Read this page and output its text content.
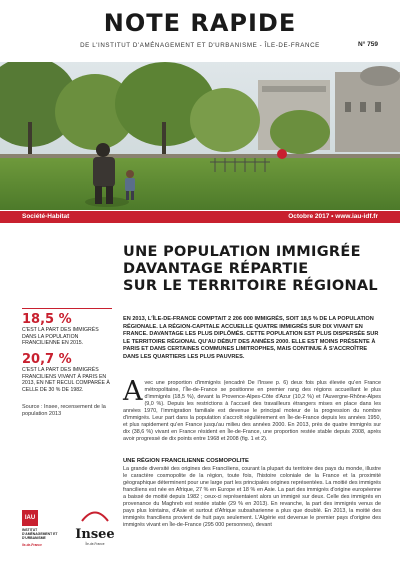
NOTE RAPIDE
DE L'INSTITUT D'AMÉNAGEMENT ET D'URBANISME - ÎLE-DE-FRANCE	N° 759
Société-Habitat	Octobre 2017 • www.iau-idf.fr
UNE POPULATION IMMIGRÉE
DAVANTAGE RÉPARTIE
SUR LE TERRITOIRE RÉGIONAL
18,5 %
C'EST LA PART DES IMMIGRÉS DANS LA POPULATION FRANCILIENNE EN 2015.
20,7 %
C'EST LA PART DES IMMIGRÉS FRANCILIENS VIVANT À PARIS EN 2013, EN NET RECUL COMPARÉE À CELLE DE 30 % DE 1982.
Source : Insee, recensement de la population 2013
EN 2013, L'ÎLE-DE-FRANCE COMPTAIT 2 206 000 IMMIGRÉS, SOIT 18,5 % DE LA POPULATION RÉGIONALE. LA RÉGION-CAPITALE ACCUEILLE QUATRE IMMIGRÉS SUR DIX VIVANT EN FRANCE. DAVANTAGE LES PLUS DIPLÔMÉS. CETTE POPULATION EST PLUS DISPERSÉE SUR LE TERRITOIRE RÉGIONAL QU'AU DÉBUT DES ANNÉES 2000. ELLE EST MOINS PRÉSENTE À PARIS ET DANS CERTAINES COMMUNES LIMITROPHES, MAIS CONTINUE À S'ACCROÎTRE DANS LES QUARTIERS LES PLUS PAUVRES.
Avec une proportion d'immigrés (encadré De l'Insee p. 6) deux fois plus élevée qu'en France métropolitaine, l'Île-de-France se positionne en premier rang des régions accueillant le plus d'immigrés (18,5 %), devant la Provence-Alpes-Côte d'Azur (10,2 %) et l'Auvergne-Rhône-Alpes (9,0 %). Depuis les restrictions à l'accueil des travailleurs étrangers mises en place dans les années 1970, l'immigration familiale est devenue le principal moteur de la progression du nombre d'immigrés. Leur part dans la population s'accroît régulièrement en Île-de-France depuis les années 1950, et plus rapidement qu'en France jusqu'au milieu des années 2000. En 2013, près de quatre immigrés sur dix (38,6 %) vivant en France résident en Île-de-France, une proportion restée stable depuis 2008, après avoir progressé de dix points entre 1968 et 2008 (fig. 1 et 2).
UNE RÉGION FRANCILIENNE COSMOPOLITE
La grande diversité des origines des Franciliens, courant la plupart du territoire des pays du monde, illustre le caractère cosmopolite de la région, toute fois, l'histoire coloniale de la France et la proximité géographique déterminent pour une large part les principales origines représentées. La moitié des immigrés franciliens est née en Afrique, 27 % en Europe et 18 % en Asie. La part des immigrés d'origine européenne a baissé de moitié depuis 1982 ; ceux-ci représentaient alors un immigré sur deux. Celle des immigrés en provenance du Maghreb est restée stable (29 % en 2013). En revanche, la part des immigrés venus de pays plus lointains, d'Asie et surtout d'Afrique subsaharienne a plus que doublé. En 2013, la moitié des immigrés franciliens provient de huit pays seulement. L'Algérie est devenue le premier pays d'origine des immigrés vivant en Île-de-France (295 000 personnes), devant
IAU
INSTITUT D'AMÉNAGEMENT ET D'URBANISME
île-de-France
Insee
Île-de-France
